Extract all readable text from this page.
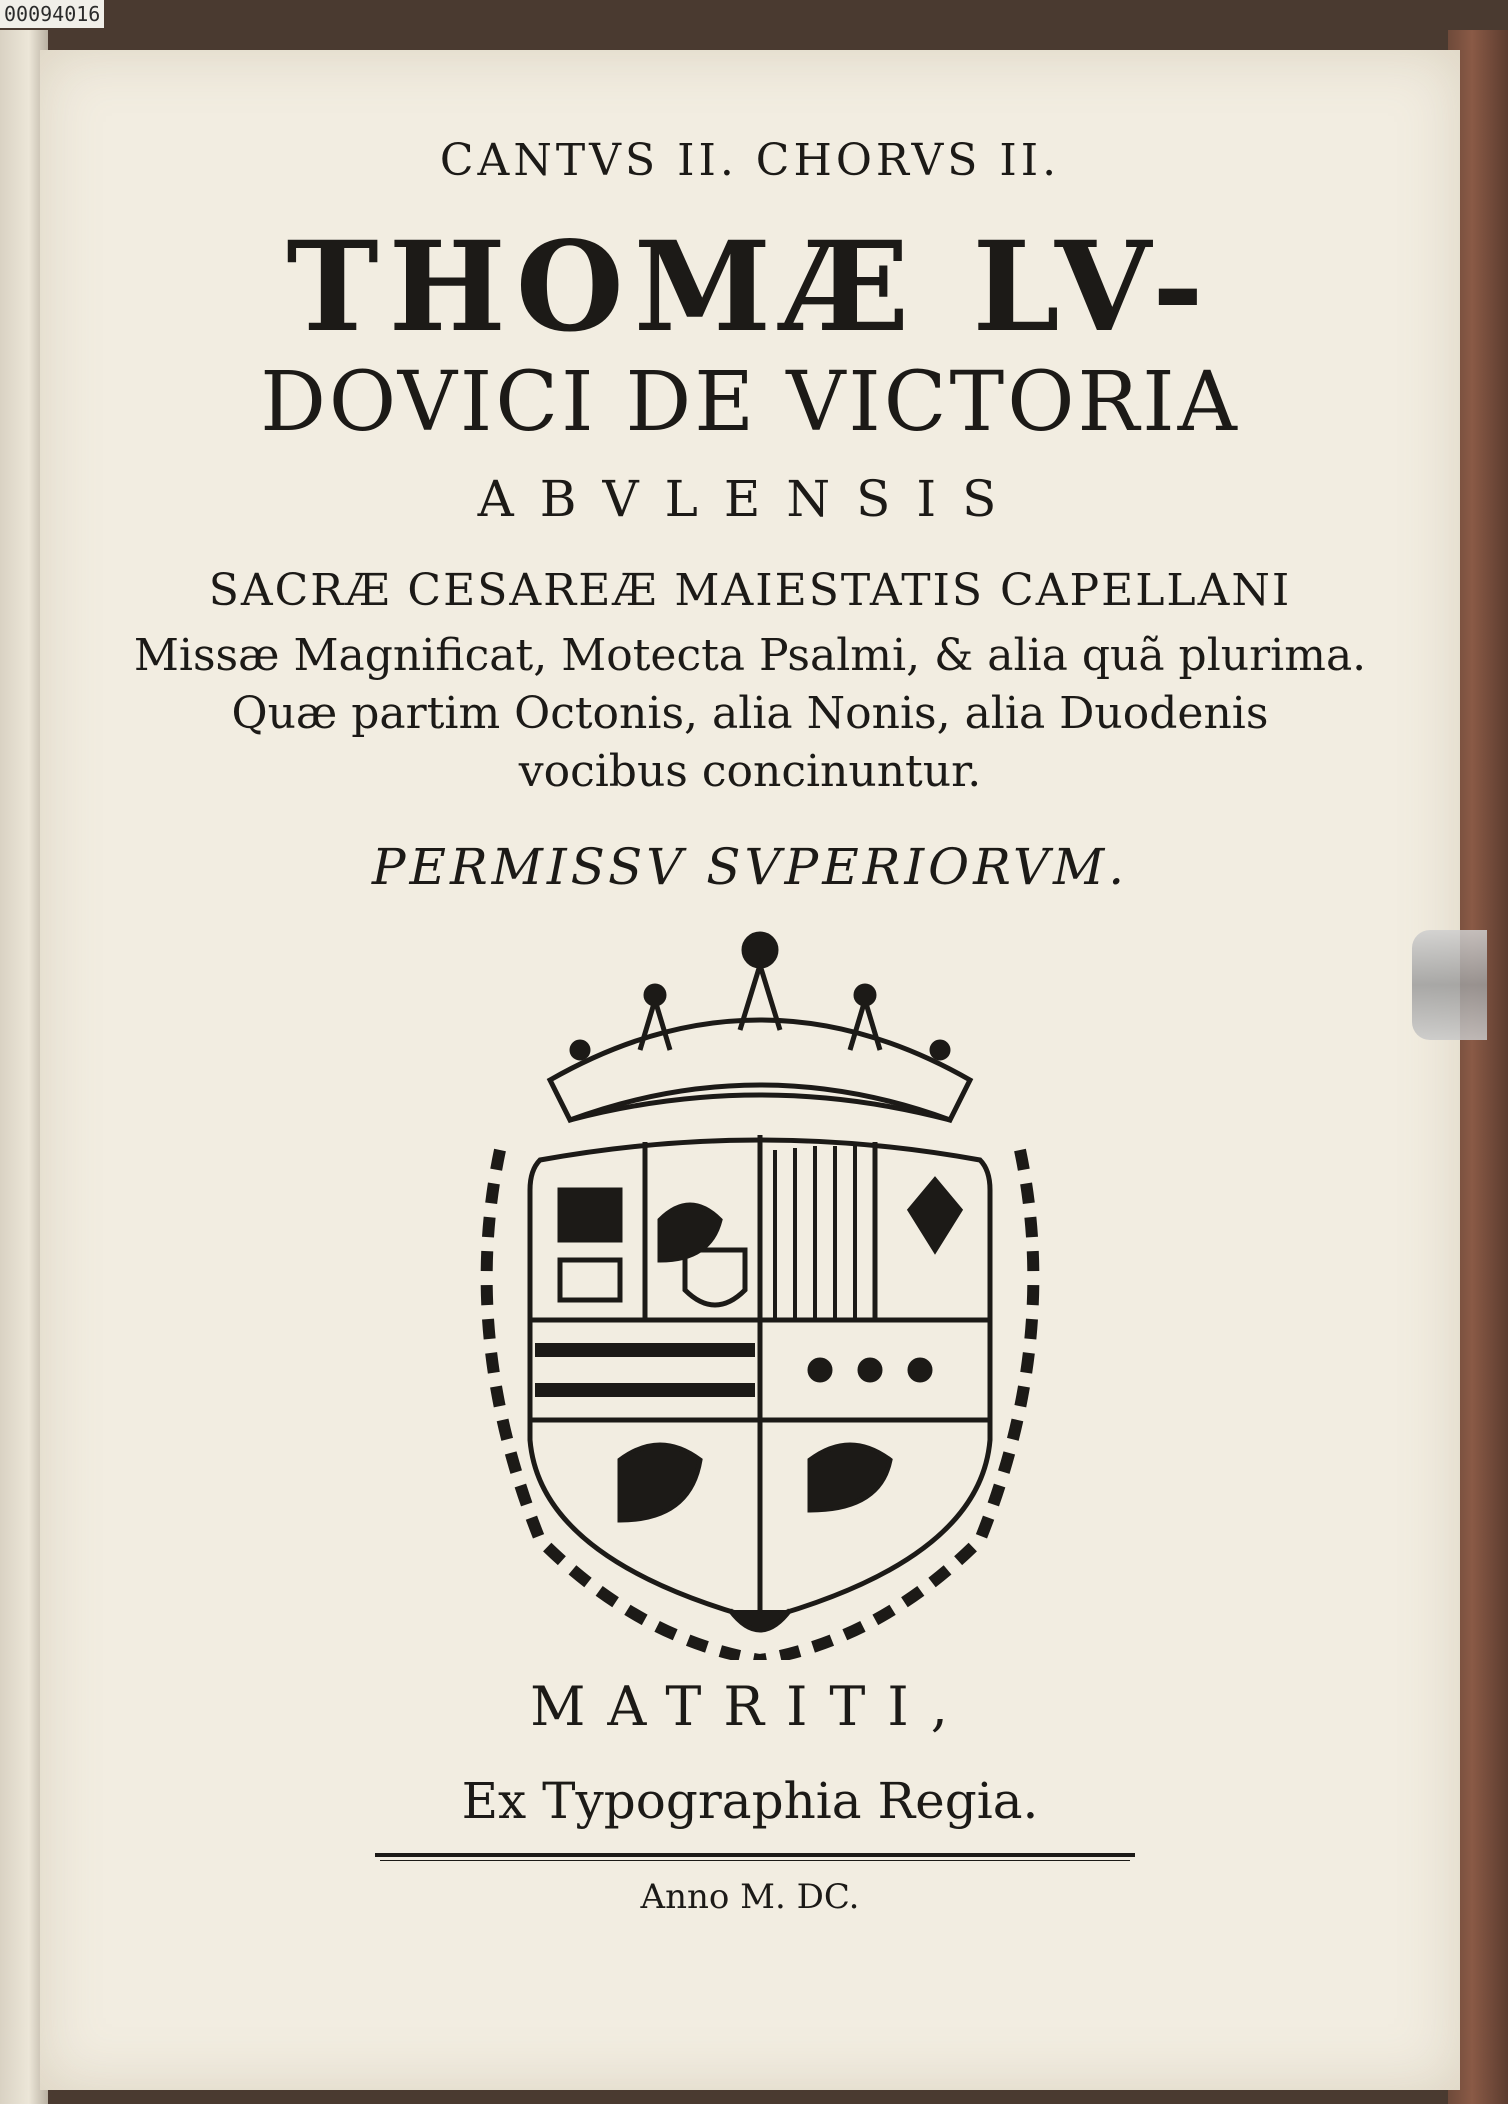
00094016
CANTVS II. CHORVS II.
THOMÆ LV-
DOVICI DE VICTORIA
ABVLENSIS
SACRÆ CESAREÆ MAIESTATIS CAPELLANI
Missæ Magnificat, Motecta Psalmi, & alia quã plurima.
Quæ partim Octonis, alia Nonis, alia Duodenis
vocibus concinuntur.
PERMISSV SVPERIORVM.
MATRITI,
Ex Typographia Regia.
Anno M. DC.
